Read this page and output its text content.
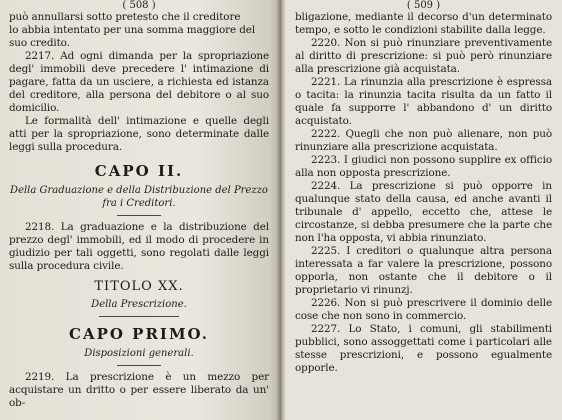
( 508 )

può annullarsi sotto pretesto che il creditore

lo abbia intentato per una somma maggiore del

suo credito.

2217. Ad ogni dimanda per la spropriazione degl' immobili deve precedere l' intimazione di pagare, fatta da un usciere, a richiesta ed istanza del creditore, alla persona del debitore o al suo domicilio.

Le formalità dell' intimazione e quelle degli atti per la spropriazione, sono determinate dalle leggi sulla procedura.

CAPO II.
Della Graduazione e della Distribuzione del Prezzo fra i Creditori.

2218. La graduazione e la distribuzione del prezzo degl' immobili, ed il modo di procedere in giudizio per tali oggetti, sono regolati dalle leggi sulla procedura civile.

TITOLO XX.
Della Prescrizione.
CAPO PRIMO.
Disposizioni generali.

2219. La prescrizione è un mezzo per acquistare un dritto o per essere liberato da un' ob-

( 509 )

bligazione, mediante il decorso d'un determinato tempo, e sotto le condizioni stabilite dalla legge.

2220. Non si può rinunziare preventivamente al diritto di prescrizione: si può però rinunziare alla prescrizione già acquistata.

2221. La rinunzia alla prescrizione è espressa o tacita: la rinunzia tacita risulta da un fatto il quale fa supporre l' abbandono d' un diritto acquistato.

2222. Quegli che non può alienare, non può rinunziare alla prescrizione acquistata.

2223. I giudici non possono supplire ex officio alla non opposta prescrizione.

2224. La prescrizione si può opporre in qualunque stato della causa, ed anche avanti il tribunale d' appello, eccetto che, attese le circostanze, si debba presumere che la parte che non l'ha opposta, vi abbia rinunziato.

2225. I creditori o qualunque altra persona interessata a far valere la prescrizione, possono opporla, non ostante che il debitore o il proprietario vi rinunzj.

2226. Non si può prescrivere il dominio delle cose che non sono in commercio.

2227. Lo Stato, i comuni, gli stabilimenti pubblici, sono assoggettati come i particolari alle stesse prescrizioni, e possono egualmente opporle.
